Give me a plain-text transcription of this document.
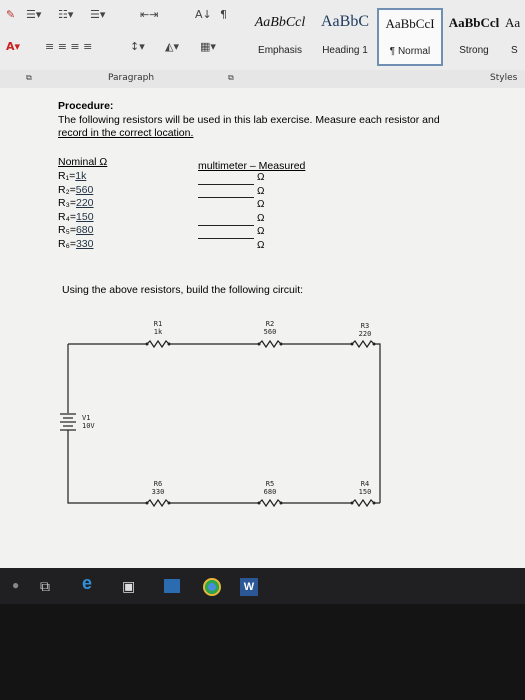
✎ ☰▾ ☷▾ ☰▾	⇤⇥	A↓ ¶
A▾ ≡ ≡ ≡ ≡	↕▾ ◭▾ ▦▾
AaBbCcl
Emphasis
AaBbC
Heading 1
AaBbCcI
¶ Normal
AaBbCcl
Strong
Aa
S
⧉	Paragraph	⧉	Styles
Procedure:
The following resistors will be used in this lab exercise. Measure each resistor and
record in the correct location.
Nominal Ω	multimeter – Measured
R₁=1k
R₂=560
R₃=220
R₄=150
R₅=680
R₆=330
Ω
Ω
Ω
Ω
Ω
Ω
Using the above resistors, build the following circuit:
R1
1k
R2
560
R3
220
V1
10V
R6
330
R5
680
R4
150
●	⧉	e	▣	W
